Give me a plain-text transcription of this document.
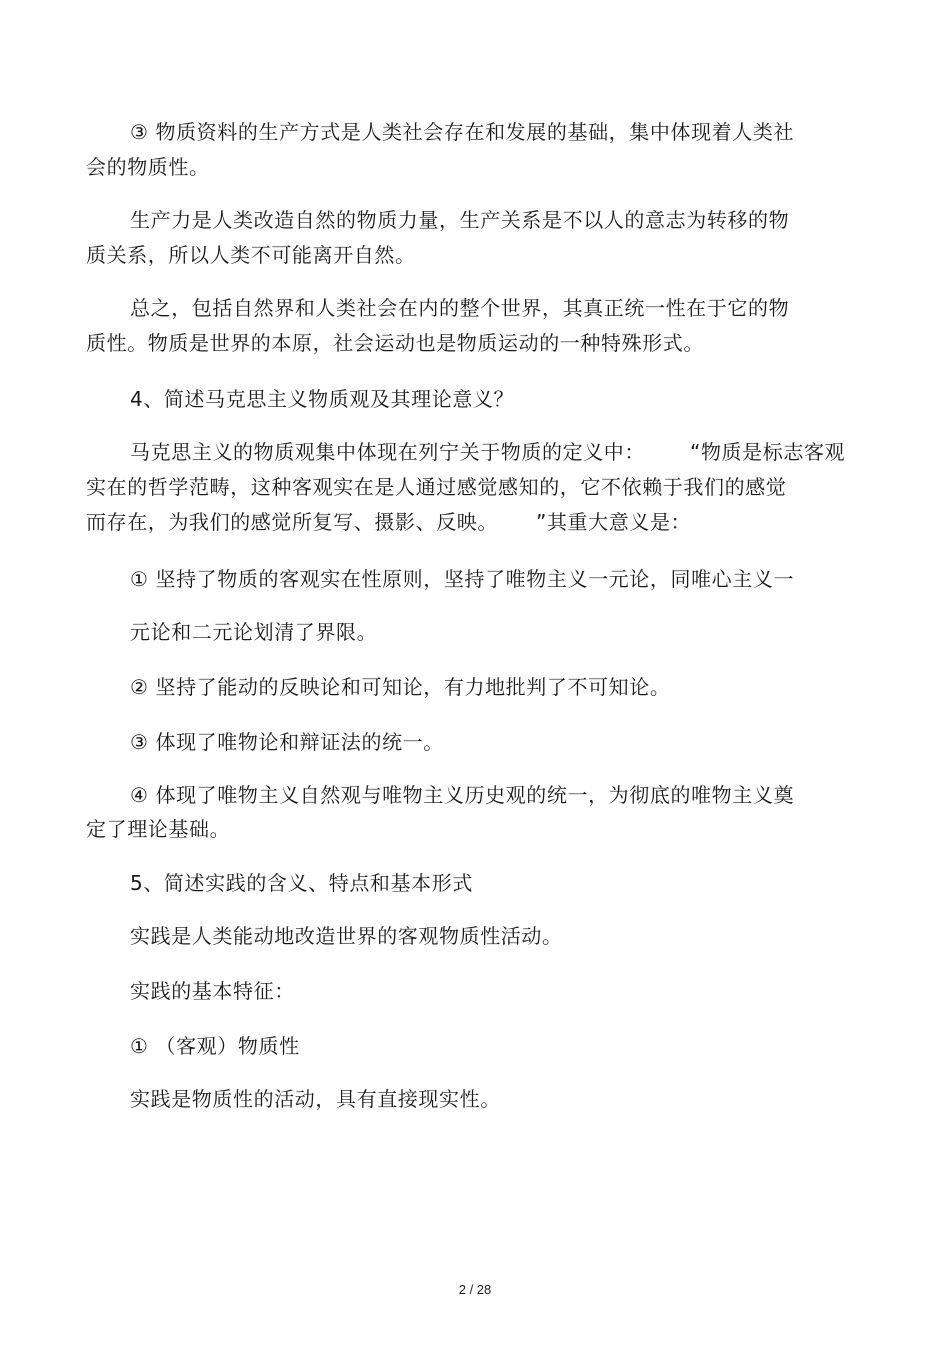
③ 物质资料的生产方式是人类社会存在和发展的基础，集中体现着人类社

会的物质性。

生产力是人类改造自然的物质力量，生产关系是不以人的意志为转移的物

质关系，所以人类不可能离开自然。

总之，包括自然界和人类社会在内的整个世界，其真正统一性在于它的物

质性。物质是世界的本原，社会运动也是物质运动的一种特殊形式。

4、简述马克思主义物质观及其理论意义？

马克思主义的物质观集中体现在列宁关于物质的定义中： “物质是标志客观

实在的哲学范畴，这种客观实在是人通过感觉感知的，它不依赖于我们的感觉

而存在，为我们的感觉所复写、摄影、反映。 ”其重大意义是：

① 坚持了物质的客观实在性原则，坚持了唯物主义一元论，同唯心主义一

元论和二元论划清了界限。

② 坚持了能动的反映论和可知论，有力地批判了不可知论。

③ 体现了唯物论和辩证法的统一。

④ 体现了唯物主义自然观与唯物主义历史观的统一，为彻底的唯物主义奠

定了理论基础。

5、简述实践的含义、特点和基本形式

实践是人类能动地改造世界的客观物质性活动。

实践的基本特征：

① （客观）物质性

实践是物质性的活动，具有直接现实性。

2 / 28
